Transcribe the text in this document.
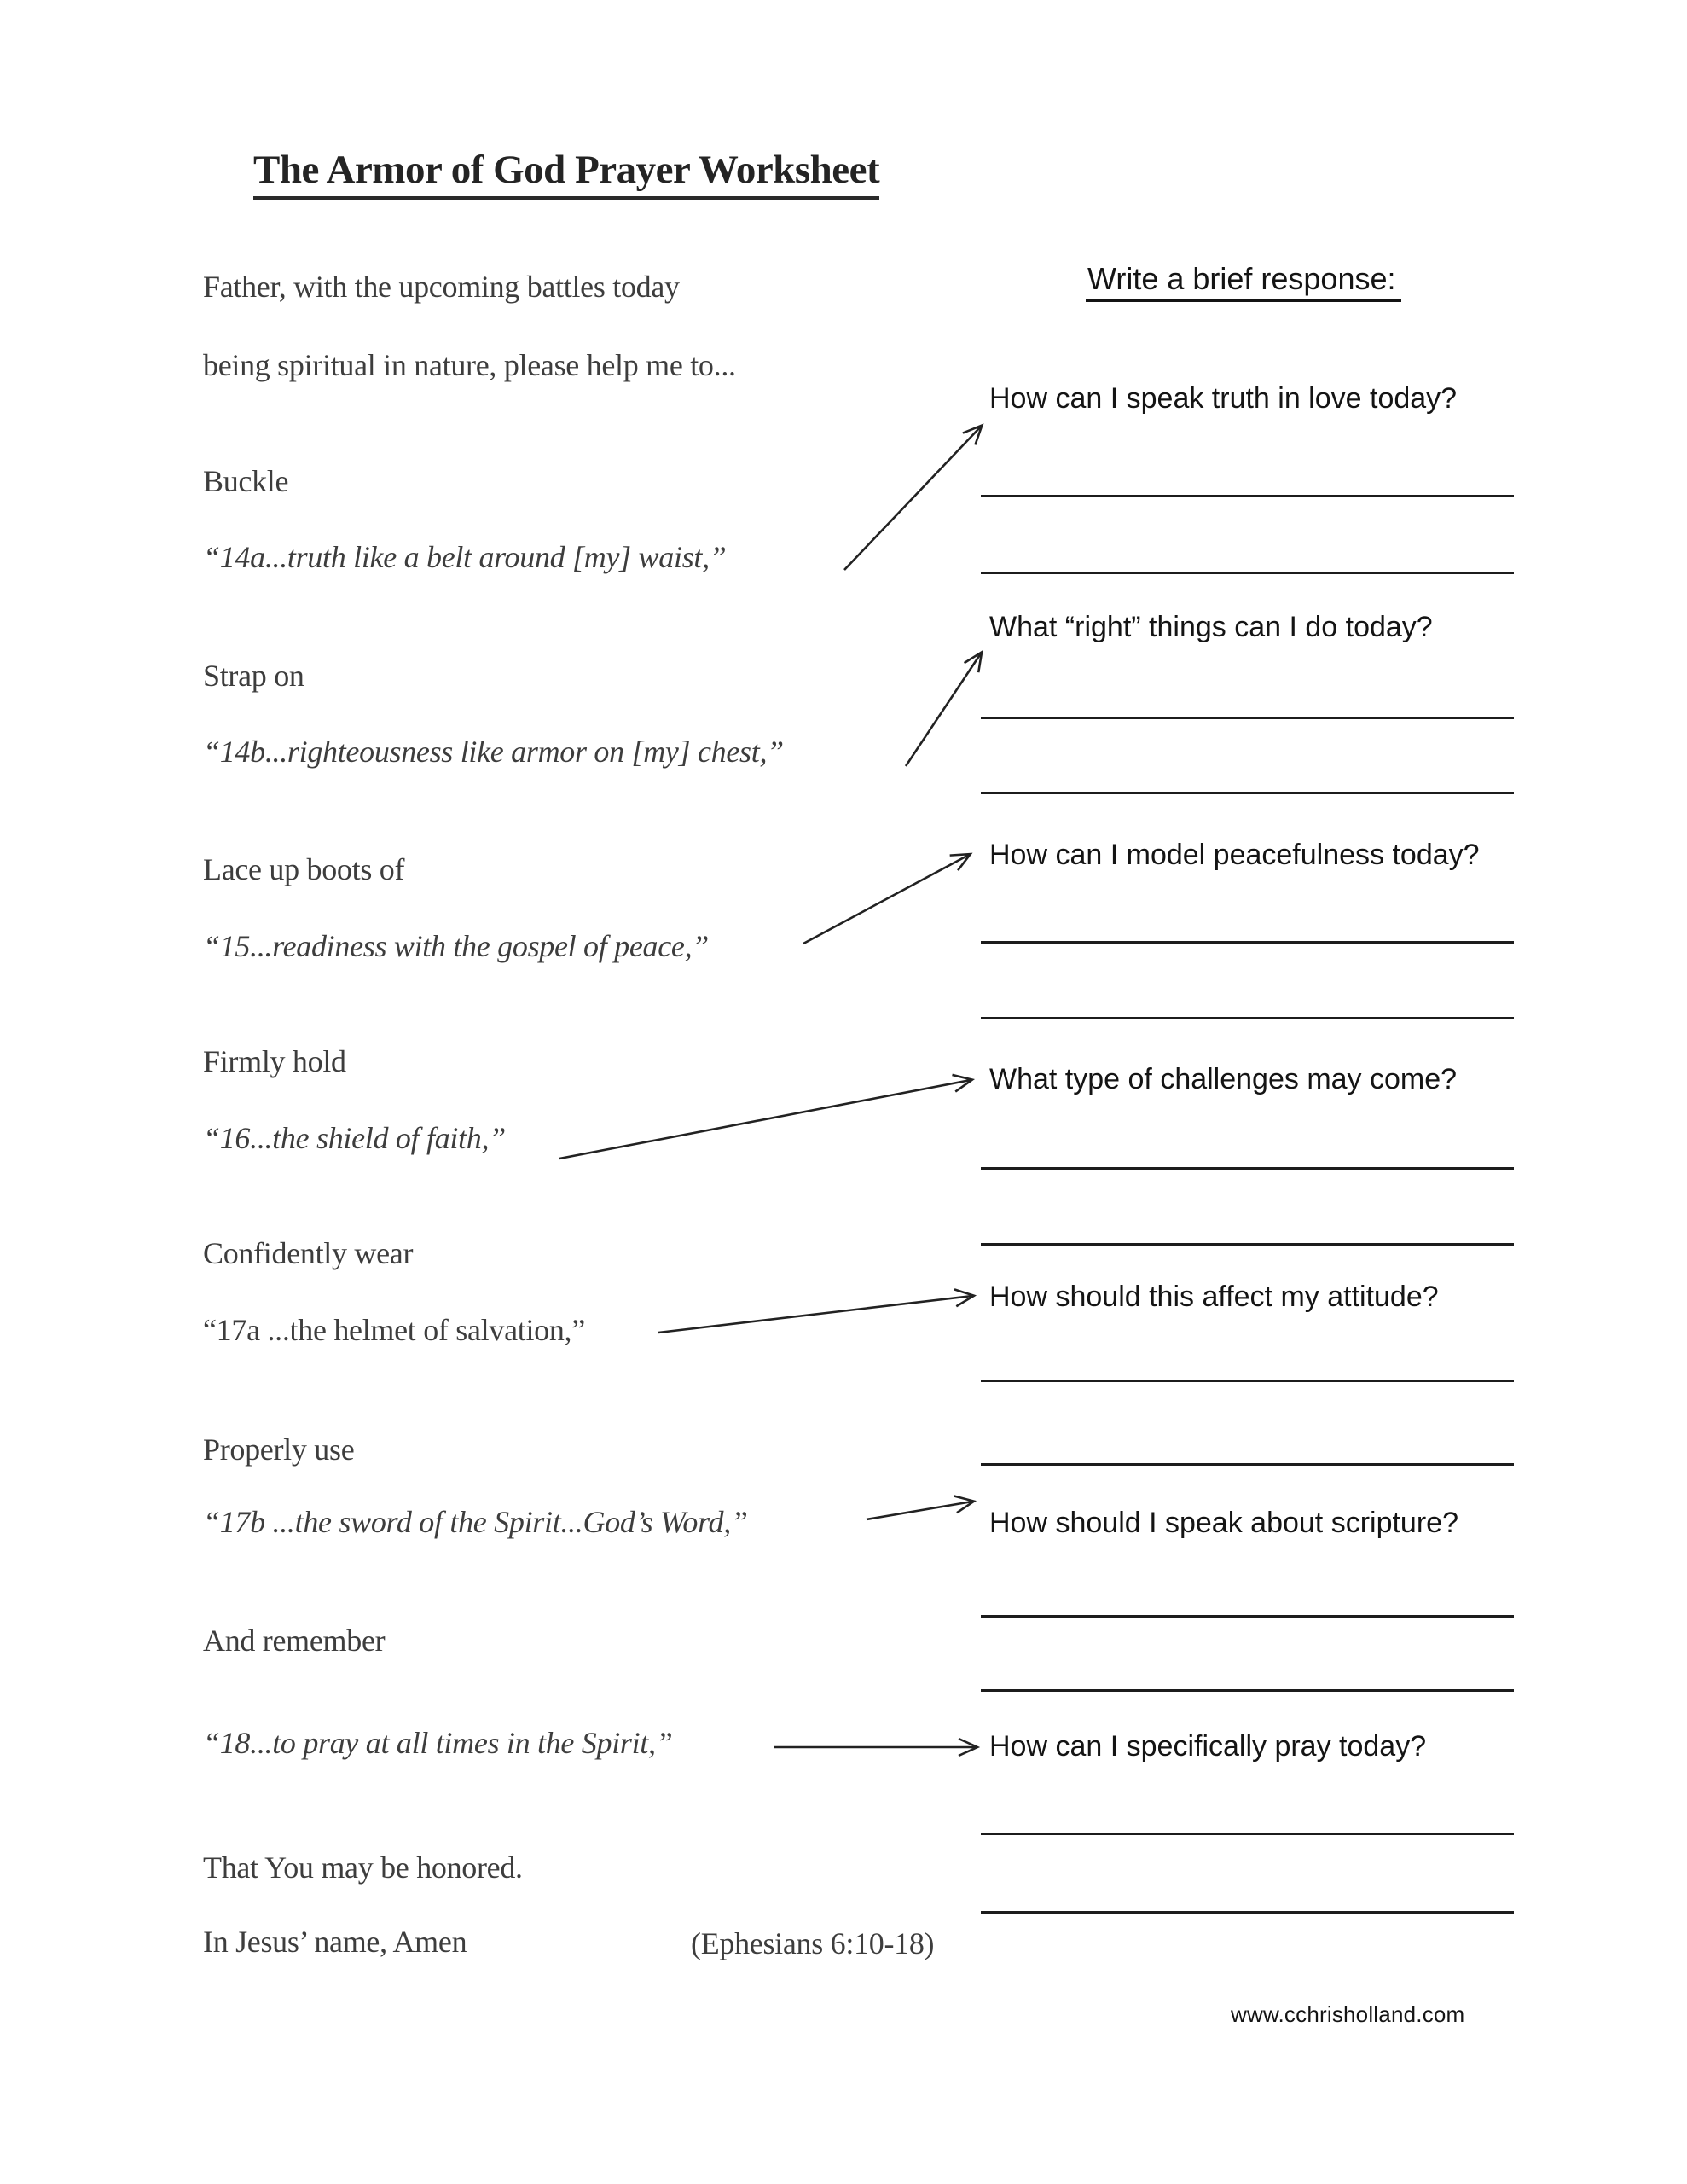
The Armor of God Prayer Worksheet
Father, with the upcoming battles today
being spiritual in nature, please help me to...
Buckle
“14a...truth like a belt around [my] waist,”
Strap on
“14b...righteousness like armor on [my] chest,”
Lace up boots of
“15...readiness with the gospel of peace,”
Firmly hold
“16...the shield of faith,”
Confidently wear
“17a ...the helmet of salvation,”
Properly use
“17b ...the sword of the Spirit...God’s Word,”
And remember
“18...to pray at all times in the Spirit,”
That You may be honored.
In Jesus’ name, Amen	(Ephesians 6:10-18)
Write a brief response:
How can I speak truth in love today?
What “right” things can I do today?
How can I model peacefulness today?
What type of challenges may come?
How should this affect my attitude?
How should I speak about scripture?
How can I specifically pray today?
www.cchrisholland.com
